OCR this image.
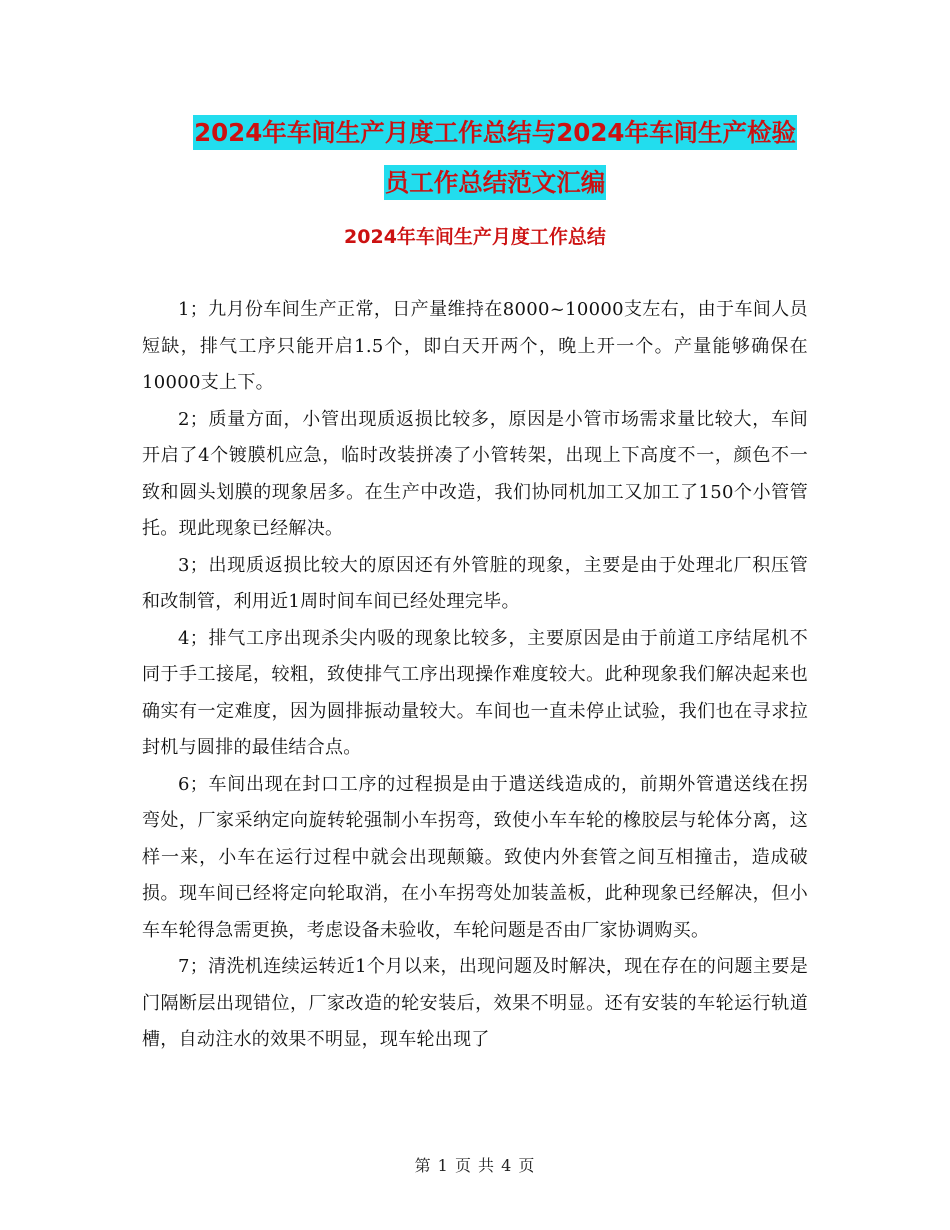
2024年车间生产月度工作总结与2024年车间生产检验
员工作总结范文汇编
2024年车间生产月度工作总结

1；九月份车间生产正常，日产量维持在8000~10000支左右，由于车间人员短缺，排气工序只能开启1.5个，即白天开两个，晚上开一个。产量能够确保在10000支上下。

2；质量方面，小管出现质返损比较多，原因是小管市场需求量比较大，车间开启了4个镀膜机应急，临时改装拼凑了小管转架，出现上下高度不一，颜色不一致和圆头划膜的现象居多。在生产中改造，我们协同机加工又加工了150个小管管托。现此现象已经解决。

3；出现质返损比较大的原因还有外管脏的现象，主要是由于处理北厂积压管和改制管，利用近1周时间车间已经处理完毕。

4；排气工序出现杀尖内吸的现象比较多，主要原因是由于前道工序结尾机不同于手工接尾，较粗，致使排气工序出现操作难度较大。此种现象我们解决起来也确实有一定难度，因为圆排振动量较大。车间也一直未停止试验，我们也在寻求拉封机与圆排的最佳结合点。

6；车间出现在封口工序的过程损是由于遣送线造成的，前期外管遣送线在拐弯处，厂家采纳定向旋转轮强制小车拐弯，致使小车车轮的橡胶层与轮体分离，这样一来，小车在运行过程中就会出现颠簸。致使内外套管之间互相撞击，造成破损。现车间已经将定向轮取消，在小车拐弯处加装盖板，此种现象已经解决，但小车车轮得急需更换，考虑设备未验收，车轮问题是否由厂家协调购买。

7；清洗机连续运转近1个月以来，出现问题及时解决，现在存在的问题主要是门隔断层出现错位，厂家改造的轮安装后，效果不明显。还有安装的车轮运行轨道槽，自动注水的效果不明显，现车轮出现了

第 1 页 共 4 页
